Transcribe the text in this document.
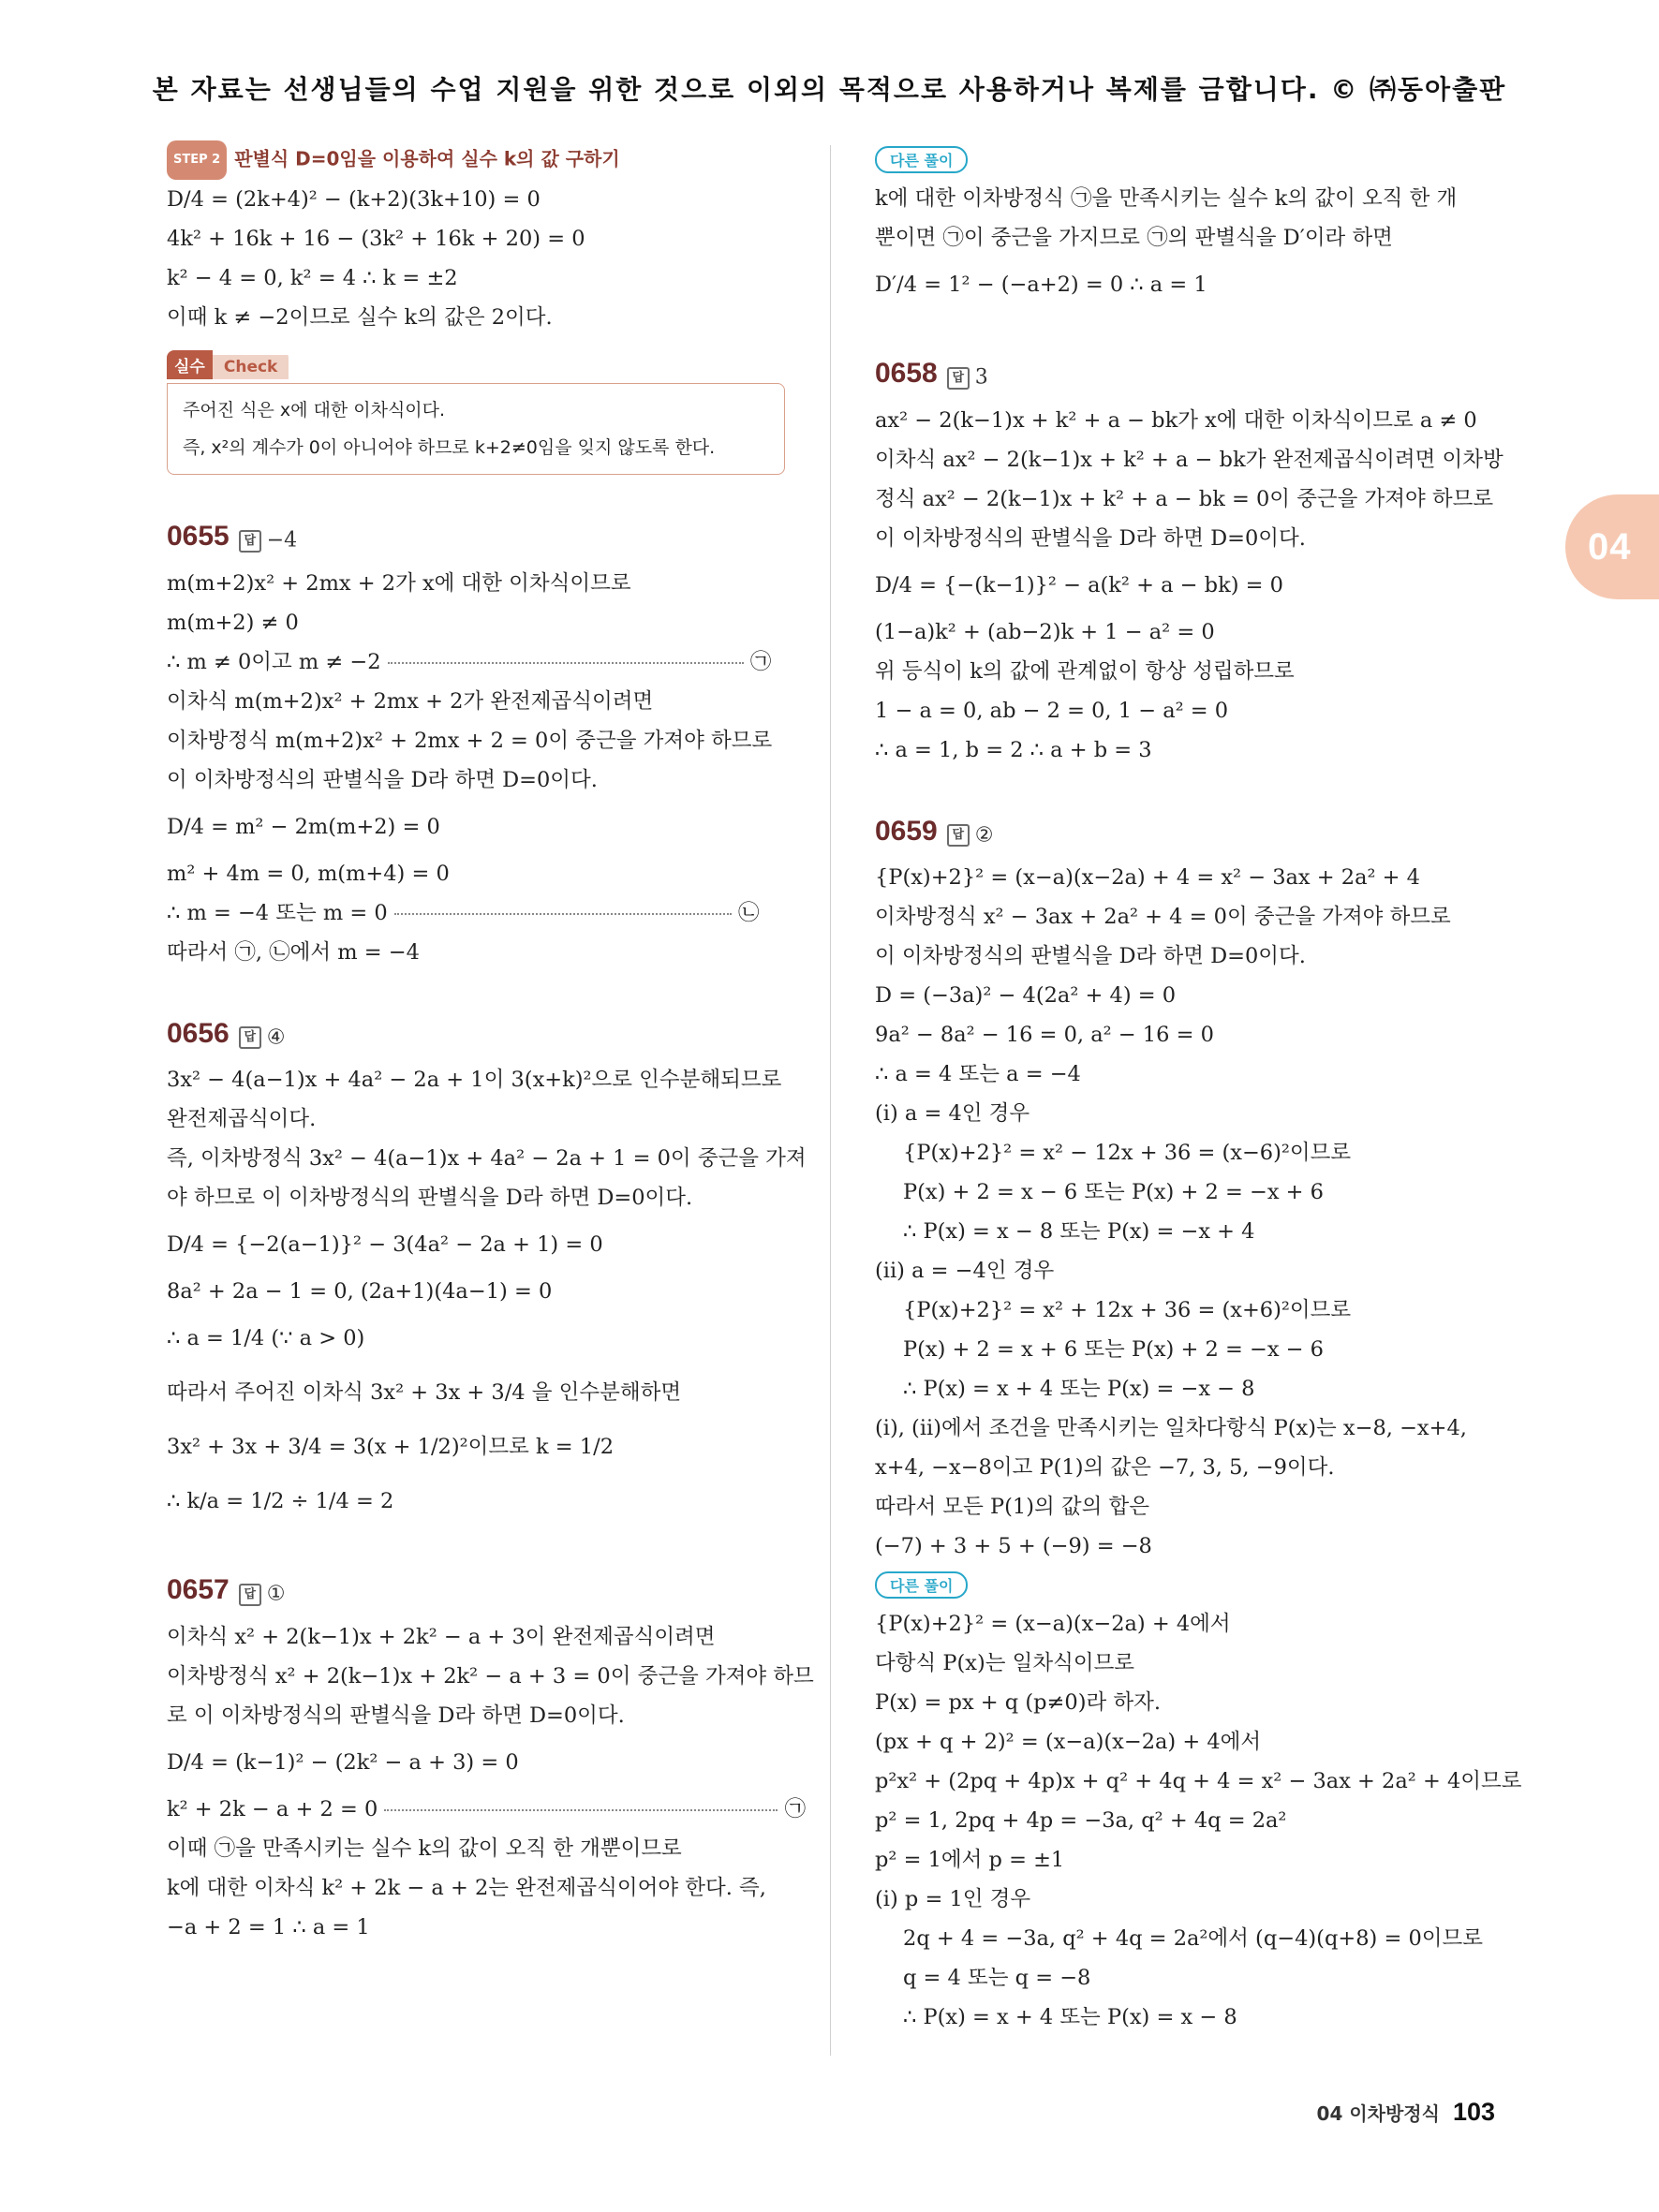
본 자료는 선생님들의 수업 지원을 위한 것으로 이외의 목적으로 사용하거나 복제를 금합니다. © ㈜동아출판
STEP 2 판별식 D=0임을 이용하여 실수 k의 값 구하기
D/4 = (2k+4)² − (k+2)(3k+10) = 0
4k² + 16k + 16 − (3k² + 16k + 20) = 0
k² − 4 = 0, k² = 4 ∴ k = ±2
이때 k ≠ −2이므로 실수 k의 값은 2이다.
실수 Check
주어진 식은 x에 대한 이차식이다.
즉, x²의 계수가 0이 아니어야 하므로 k+2≠0임을 잊지 않도록 한다.
0655 답 −4
m(m+2)x² + 2mx + 2가 x에 대한 이차식이므로
m(m+2) ≠ 0
∴ m ≠ 0이고 m ≠ −2	㉠
이차식 m(m+2)x² + 2mx + 2가 완전제곱식이려면
이차방정식 m(m+2)x² + 2mx + 2 = 0이 중근을 가져야 하므로
이 이차방정식의 판별식을 D라 하면 D=0이다.
D/4 = m² − 2m(m+2) = 0
m² + 4m = 0, m(m+4) = 0
∴ m = −4 또는 m = 0	㉡
따라서 ㉠, ㉡에서 m = −4
0656 답 ④
3x² − 4(a−1)x + 4a² − 2a + 1이 3(x+k)²으로 인수분해되므로
완전제곱식이다.
즉, 이차방정식 3x² − 4(a−1)x + 4a² − 2a + 1 = 0이 중근을 가져
야 하므로 이 이차방정식의 판별식을 D라 하면 D=0이다.
D/4 = {−2(a−1)}² − 3(4a² − 2a + 1) = 0
8a² + 2a − 1 = 0, (2a+1)(4a−1) = 0
∴ a = 1/4 (∵ a > 0)
따라서 주어진 이차식 3x² + 3x + 3/4 을 인수분해하면
3x² + 3x + 3/4 = 3(x + 1/2)²이므로 k = 1/2
∴ k/a = 1/2 ÷ 1/4 = 2
0657 답 ①
이차식 x² + 2(k−1)x + 2k² − a + 3이 완전제곱식이려면
이차방정식 x² + 2(k−1)x + 2k² − a + 3 = 0이 중근을 가져야 하므
로 이 이차방정식의 판별식을 D라 하면 D=0이다.
D/4 = (k−1)² − (2k² − a + 3) = 0
k² + 2k − a + 2 = 0	㉠
이때 ㉠을 만족시키는 실수 k의 값이 오직 한 개뿐이므로
k에 대한 이차식 k² + 2k − a + 2는 완전제곱식이어야 한다. 즉,
−a + 2 = 1 ∴ a = 1
다른 풀이
k에 대한 이차방정식 ㉠을 만족시키는 실수 k의 값이 오직 한 개
뿐이면 ㉠이 중근을 가지므로 ㉠의 판별식을 D′이라 하면
D′/4 = 1² − (−a+2) = 0 ∴ a = 1
0658 답 3
ax² − 2(k−1)x + k² + a − bk가 x에 대한 이차식이므로 a ≠ 0
이차식 ax² − 2(k−1)x + k² + a − bk가 완전제곱식이려면 이차방
정식 ax² − 2(k−1)x + k² + a − bk = 0이 중근을 가져야 하므로
이 이차방정식의 판별식을 D라 하면 D=0이다.
D/4 = {−(k−1)}² − a(k² + a − bk) = 0
(1−a)k² + (ab−2)k + 1 − a² = 0
위 등식이 k의 값에 관계없이 항상 성립하므로
1 − a = 0, ab − 2 = 0, 1 − a² = 0
∴ a = 1, b = 2 ∴ a + b = 3
0659 답 ②
{P(x)+2}² = (x−a)(x−2a) + 4 = x² − 3ax + 2a² + 4
이차방정식 x² − 3ax + 2a² + 4 = 0이 중근을 가져야 하므로
이 이차방정식의 판별식을 D라 하면 D=0이다.
D = (−3a)² − 4(2a² + 4) = 0
9a² − 8a² − 16 = 0, a² − 16 = 0
∴ a = 4 또는 a = −4
(i) a = 4인 경우
{P(x)+2}² = x² − 12x + 36 = (x−6)²이므로
P(x) + 2 = x − 6 또는 P(x) + 2 = −x + 6
∴ P(x) = x − 8 또는 P(x) = −x + 4
(ii) a = −4인 경우
{P(x)+2}² = x² + 12x + 36 = (x+6)²이므로
P(x) + 2 = x + 6 또는 P(x) + 2 = −x − 6
∴ P(x) = x + 4 또는 P(x) = −x − 8
(i), (ii)에서 조건을 만족시키는 일차다항식 P(x)는 x−8, −x+4,
x+4, −x−8이고 P(1)의 값은 −7, 3, 5, −9이다.
따라서 모든 P(1)의 값의 합은
(−7) + 3 + 5 + (−9) = −8
다른 풀이
{P(x)+2}² = (x−a)(x−2a) + 4에서
다항식 P(x)는 일차식이므로
P(x) = px + q (p≠0)라 하자.
(px + q + 2)² = (x−a)(x−2a) + 4에서
p²x² + (2pq + 4p)x + q² + 4q + 4 = x² − 3ax + 2a² + 4이므로
p² = 1, 2pq + 4p = −3a, q² + 4q = 2a²
p² = 1에서 p = ±1
(i) p = 1인 경우
2q + 4 = −3a, q² + 4q = 2a²에서 (q−4)(q+8) = 0이므로
q = 4 또는 q = −8
∴ P(x) = x + 4 또는 P(x) = x − 8
04
04 이차방정식 103
